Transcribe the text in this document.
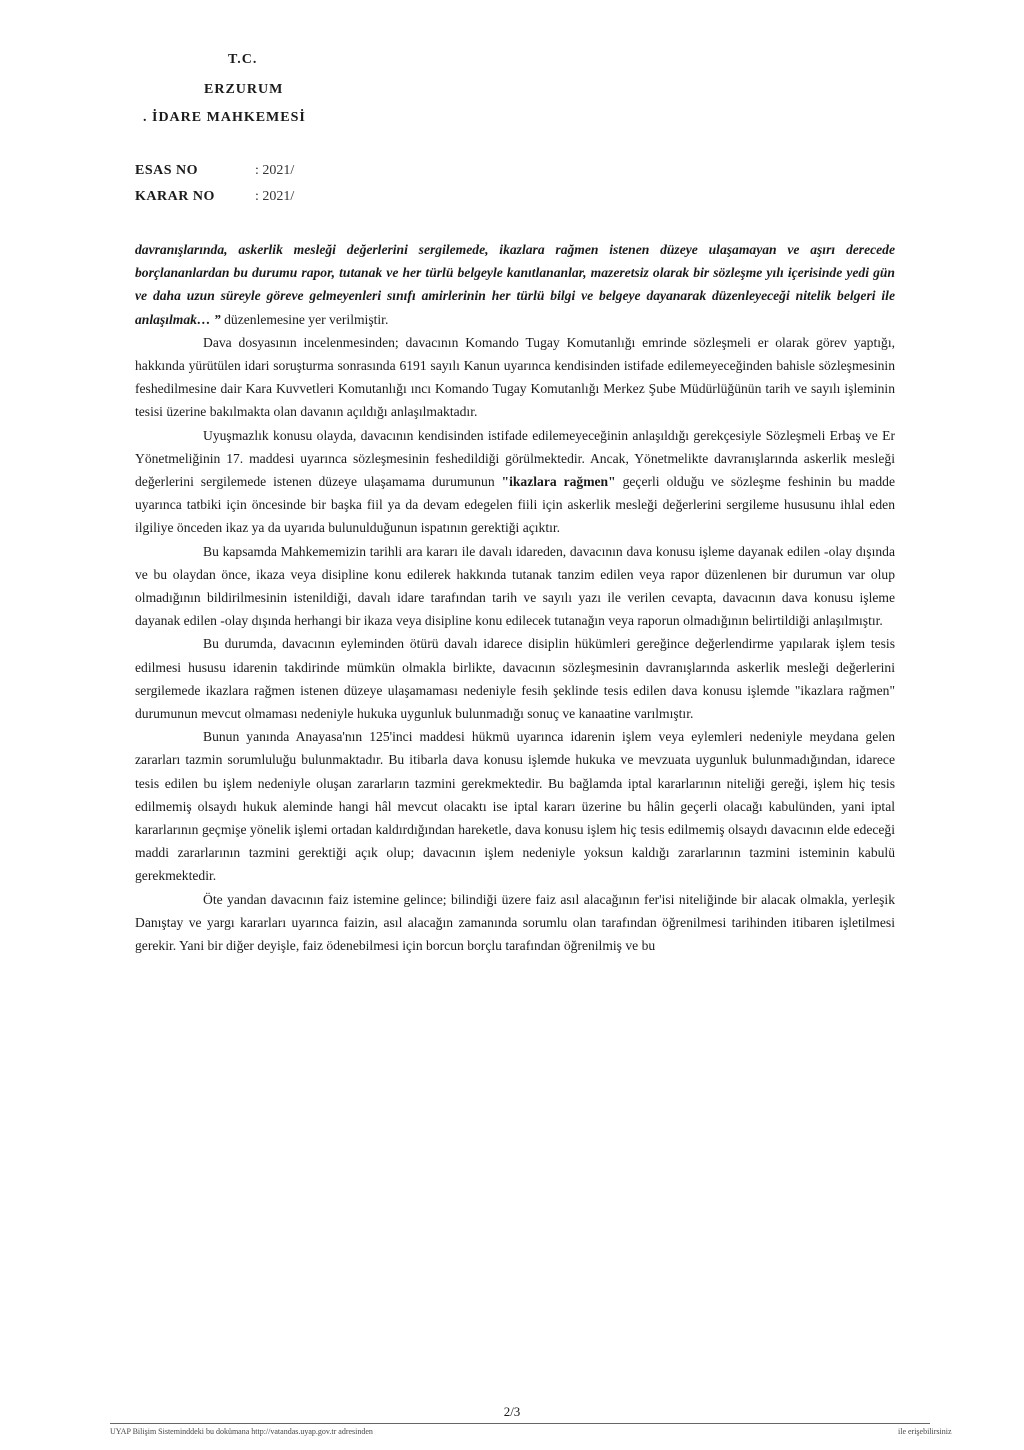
T.C.
ERZURUM
. İDARE MAHKEMESİ
ESAS NO	: 2021/
KARAR NO	: 2021/

davranışlarında, askerlik mesleği değerlerini sergilemede, ikazlara rağmen istenen düzeye ulaşamayan ve aşırı derecede borçlananlardan bu durumu rapor, tutanak ve her türlü belgeyle kanıtlananlar, mazeretsiz olarak bir sözleşme yılı içerisinde yedi gün ve daha uzun süreyle göreve gelmeyenleri sınıfı amirlerinin her türlü bilgi ve belgeye dayanarak düzenleyeceği nitelik belgeri ile anlaşılmak… ” düzenlemesine yer verilmiştir.

Dava dosyasının incelenmesinden; davacının Komando Tugay Komutanlığı emrinde sözleşmeli er olarak görev yaptığı, hakkında yürütülen idari soruşturma sonrasında 6191 sayılı Kanun uyarınca kendisinden istifade edilemeyeceğinden bahisle sözleşmesinin feshedilmesine dair Kara Kuvvetleri Komutanlığı ıncı Komando Tugay Komutanlığı Merkez Şube Müdürlüğünün tarih ve sayılı işleminin tesisi üzerine bakılmakta olan davanın açıldığı anlaşılmaktadır.

Uyuşmazlık konusu olayda, davacının kendisinden istifade edilemeyeceğinin anlaşıldığı gerekçesiyle Sözleşmeli Erbaş ve Er Yönetmeliğinin 17. maddesi uyarınca sözleşmesinin feshedildiği görülmektedir. Ancak, Yönetmelikte davranışlarında askerlik mesleği değerlerini sergilemede istenen düzeye ulaşamama durumunun "ikazlara rağmen" geçerli olduğu ve sözleşme feshinin bu madde uyarınca tatbiki için öncesinde bir başka fiil ya da devam edegelen fiili için askerlik mesleği değerlerini sergileme hususunu ihlal eden ilgiliye önceden ikaz ya da uyarıda bulunulduğunun ispatının gerektiği açıktır.

Bu kapsamda Mahkememizin tarihli ara kararı ile davalı idareden, davacının dava konusu işleme dayanak edilen -olay dışında ve bu olaydan önce, ikaza veya disipline konu edilerek hakkında tutanak tanzim edilen veya rapor düzenlenen bir durumun var olup olmadığının bildirilmesinin istenildiği, davalı idare tarafından tarih ve sayılı yazı ile verilen cevapta, davacının dava konusu işleme dayanak edilen -olay dışında herhangi bir ikaza veya disipline konu edilecek tutanağın veya raporun olmadığının belirtildiği anlaşılmıştır.

Bu durumda, davacının eyleminden ötürü davalı idarece disiplin hükümleri gereğince değerlendirme yapılarak işlem tesis edilmesi hususu idarenin takdirinde mümkün olmakla birlikte, davacının sözleşmesinin davranışlarında askerlik mesleği değerlerini sergilemede ikazlara rağmen istenen düzeye ulaşamaması nedeniyle fesih şeklinde tesis edilen dava konusu işlemde "ikazlara rağmen" durumunun mevcut olmaması nedeniyle hukuka uygunluk bulunmadığı sonuç ve kanaatine varılmıştır.

Bunun yanında Anayasa'nın 125'inci maddesi hükmü uyarınca idarenin işlem veya eylemleri nedeniyle meydana gelen zararları tazmin sorumluluğu bulunmaktadır. Bu itibarla dava konusu işlemde hukuka ve mevzuata uygunluk bulunmadığından, idarece tesis edilen bu işlem nedeniyle oluşan zararların tazmini gerekmektedir. Bu bağlamda iptal kararlarının niteliği gereği, işlem hiç tesis edilmemiş olsaydı hukuk aleminde hangi hâl mevcut olacaktı ise iptal kararı üzerine bu hâlin geçerli olacağı kabulünden, yani iptal kararlarının geçmişe yönelik işlemi ortadan kaldırdığından hareketle, dava konusu işlem hiç tesis edilmemiş olsaydı davacının elde edeceği maddi zararlarının tazmini gerektiği açık olup; davacının işlem nedeniyle yoksun kaldığı zararlarının tazmini isteminin kabulü gerekmektedir.

Öte yandan davacının faiz istemine gelince; bilindiği üzere faiz asıl alacağının fer'isi niteliğinde bir alacak olmakla, yerleşik Danıştay ve yargı kararları uyarınca faizin, asıl alacağın zamanında sorumlu olan tarafından öğrenilmesi tarihinden itibaren işletilmesi gerekir. Yani bir diğer deyişle, faiz ödenebilmesi için borcun borçlu tarafından öğrenilmiş ve bu

2/3
UYAP Bilişim Sisteminddeki bu dokümana http://vatandas.uyap.gov.tr adresinden	ile erişebilirsiniz
